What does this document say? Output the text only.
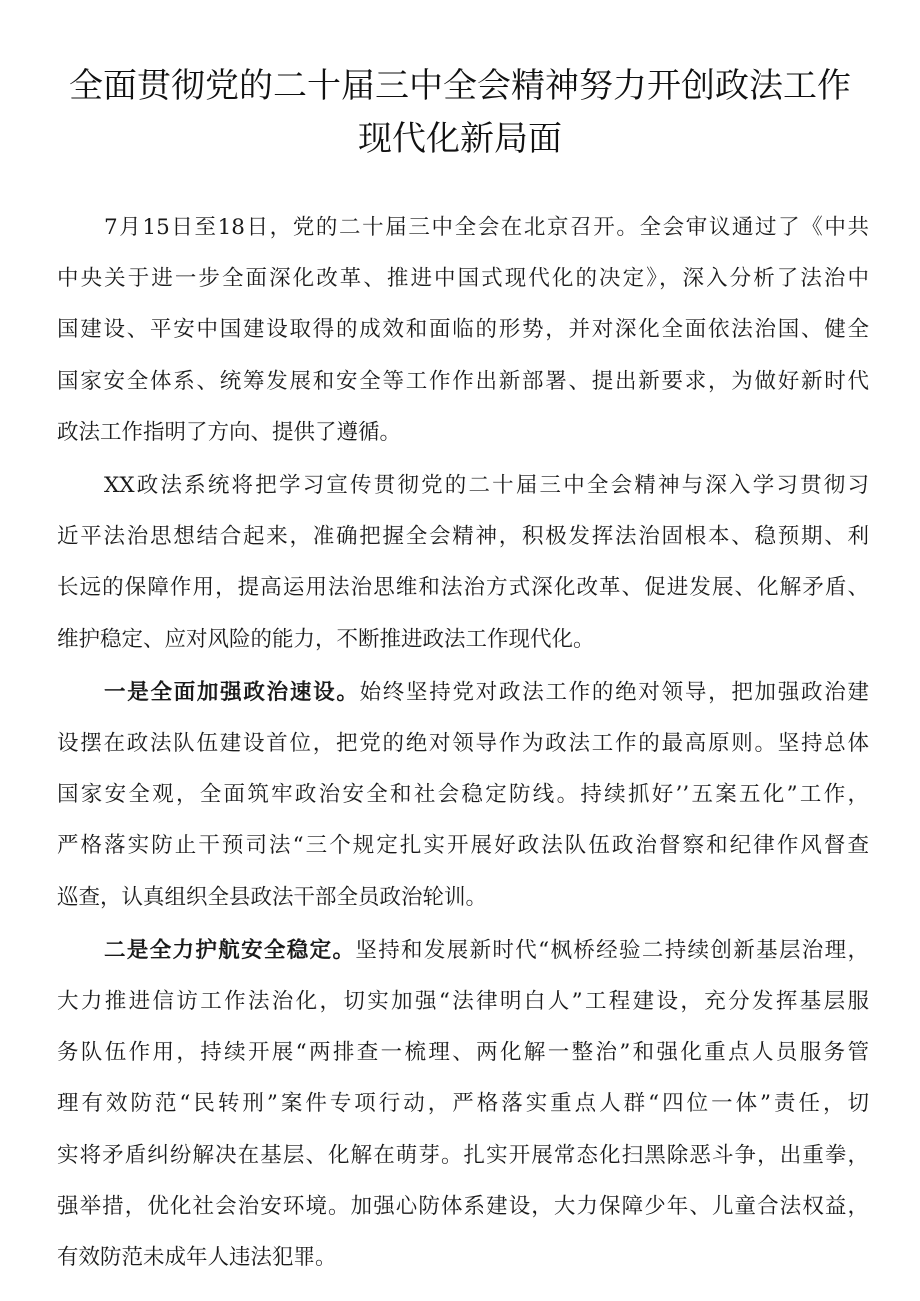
全面贯彻党的二十届三中全会精神努力开创政法工作
现代化新局面

7月15日至18日，党的二十届三中全会在北京召开。全会审议通过了《中共
中央关于进一步全面深化改革、推进中国式现代化的决定》，深入分析了法治中
国建设、平安中国建设取得的成效和面临的形势，并对深化全面依法治国、健全
国家安全体系、统筹发展和安全等工作作出新部署、提出新要求，为做好新时代
政法工作指明了方向、提供了遵循。

XX政法系统将把学习宣传贯彻党的二十届三中全会精神与深入学习贯彻习
近平法治思想结合起来，准确把握全会精神，积极发挥法治固根本、稳预期、利
长远的保障作用，提高运用法治思维和法治方式深化改革、促进发展、化解矛盾、
维护稳定、应对风险的能力，不断推进政法工作现代化。

一是全面加强政治速设。始终坚持党对政法工作的绝对领导，把加强政治建
设摆在政法队伍建设首位，把党的绝对领导作为政法工作的最高原则。坚持总体
国家安全观，全面筑牢政治安全和社会稳定防线。持续抓好’’五案五化”工作，
严格落实防止干预司法“三个规定扎实开展好政法队伍政治督察和纪律作风督查
巡查，认真组织全县政法干部全员政治轮训。

二是全力护航安全稳定。坚持和发展新时代“枫桥经验二持续创新基层治理，
大力推进信访工作法治化，切实加强“法律明白人”工程建设，充分发挥基层服
务队伍作用，持续开展“两排查一梳理、两化解一整治”和强化重点人员服务管
理有效防范“民转刑”案件专项行动，严格落实重点人群“四位一体”责任，切
实将矛盾纠纷解决在基层、化解在萌芽。扎实开展常态化扫黑除恶斗争，出重拳，
强举措，优化社会治安环境。加强心防体系建设，大力保障少年、儿童合法权益，
有效防范未成年人违法犯罪。
